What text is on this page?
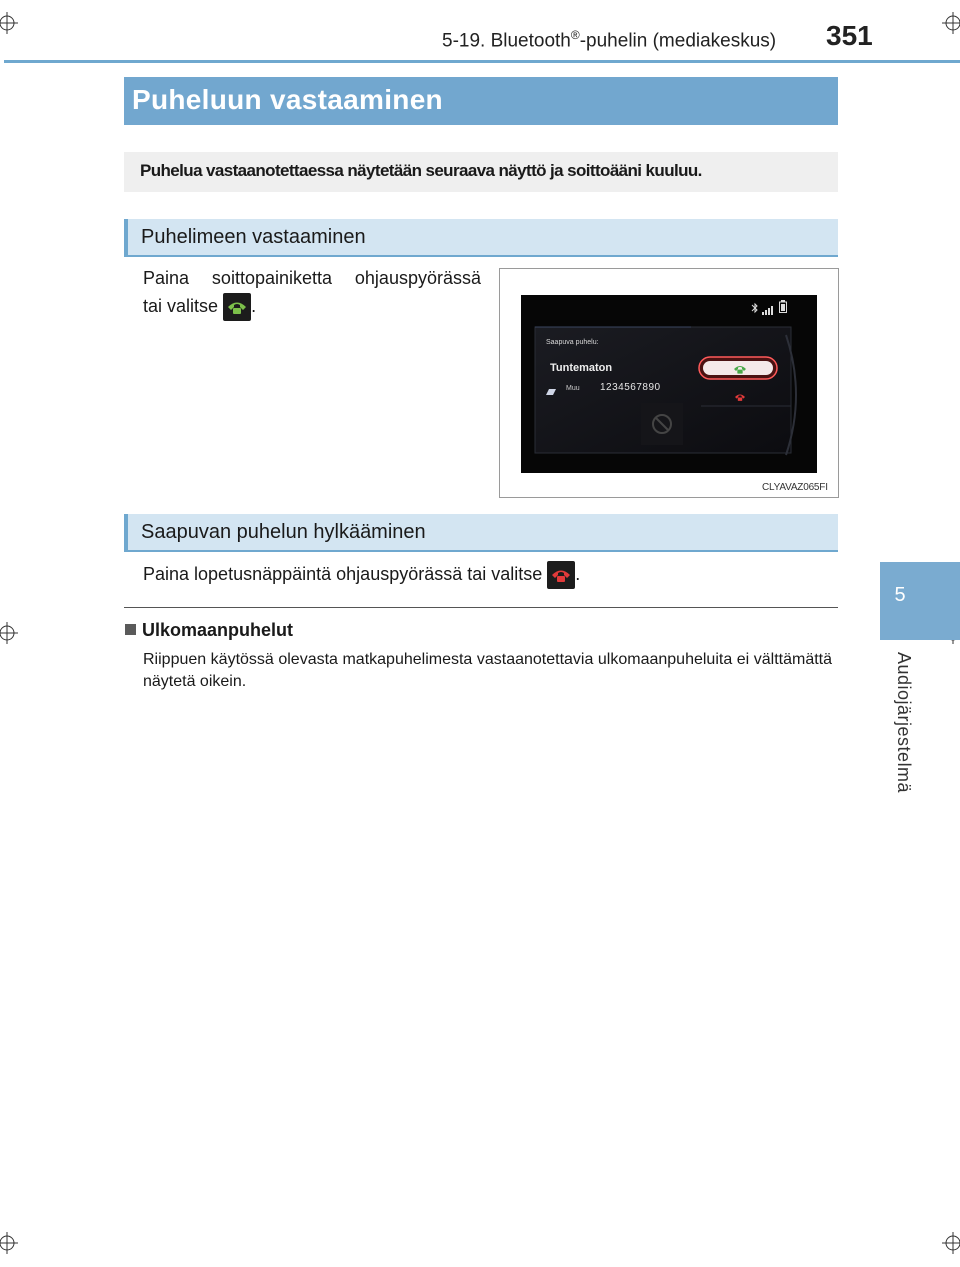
5-19. Bluetooth®-puhelin (mediakeskus) 351
5
Audiojärjestelmä
Puheluun vastaaminen
Puhelua vastaanotettaessa näytetään seuraava näyttö ja soittoääni kuuluu.
Puhelimeen vastaaminen
Paina soittopainiketta ohjauspyörässä
tai valitse .
Saapuva puhelu:
Tuntematon
Muu 1234567890
CLYAVAZ065FI
Saapuvan puhelun hylkääminen
Paina lopetusnäppäintä ohjauspyörässä tai valitse .
Ulkomaanpuhelut
Riippuen käytössä olevasta matkapuhelimesta vastaanotettavia ulkomaanpuheluita ei välttämättä näytetä oikein.
